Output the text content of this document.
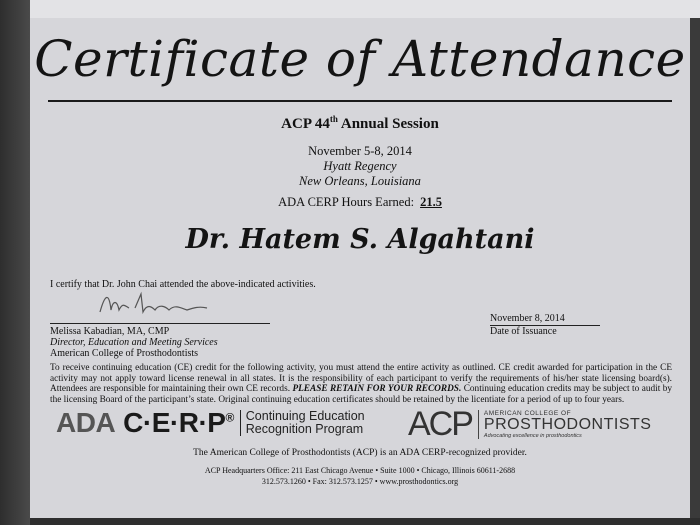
Certificate of Attendance
ACP 44th Annual Session
November 5-8, 2014
Hyatt Regency
New Orleans, Louisiana
ADA CERP Hours Earned: 21.5
Dr. Hatem S. Algahtani
I certify that Dr. John Chai attended the above-indicated activities.
Melissa Kabadian, MA, CMP
Director, Education and Meeting Services
American College of Prosthodontists
November 8, 2014
Date of Issuance
To receive continuing education (CE) credit for the following activity, you must attend the entire activity as outlined. CE credit awarded for participation in the CE activity may not apply toward license renewal in all states. It is the responsibility of each participant to verify the requirements of his/her state licensing board(s). Attendees are responsible for maintaining their own CE records. PLEASE RETAIN FOR YOUR RECORDS. Continuing education credits may be subject to audit by the licensing Board of the participant’s state. Original continuing education certificates should be retained by the licentiate for a period of up to four years.
ADA C·E·R·P® Continuing Education
Recognition Program ACP AMERICAN COLLEGE OF
PROSTHODONTISTS
Advocating excellence in prosthodontics
The American College of Prosthodontists (ACP) is an ADA CERP-recognized provider.
ACP Headquarters Office: 211 East Chicago Avenue • Suite 1000 • Chicago, Illinois 60611-2688
312.573.1260 • Fax: 312.573.1257 • www.prosthodontics.org
